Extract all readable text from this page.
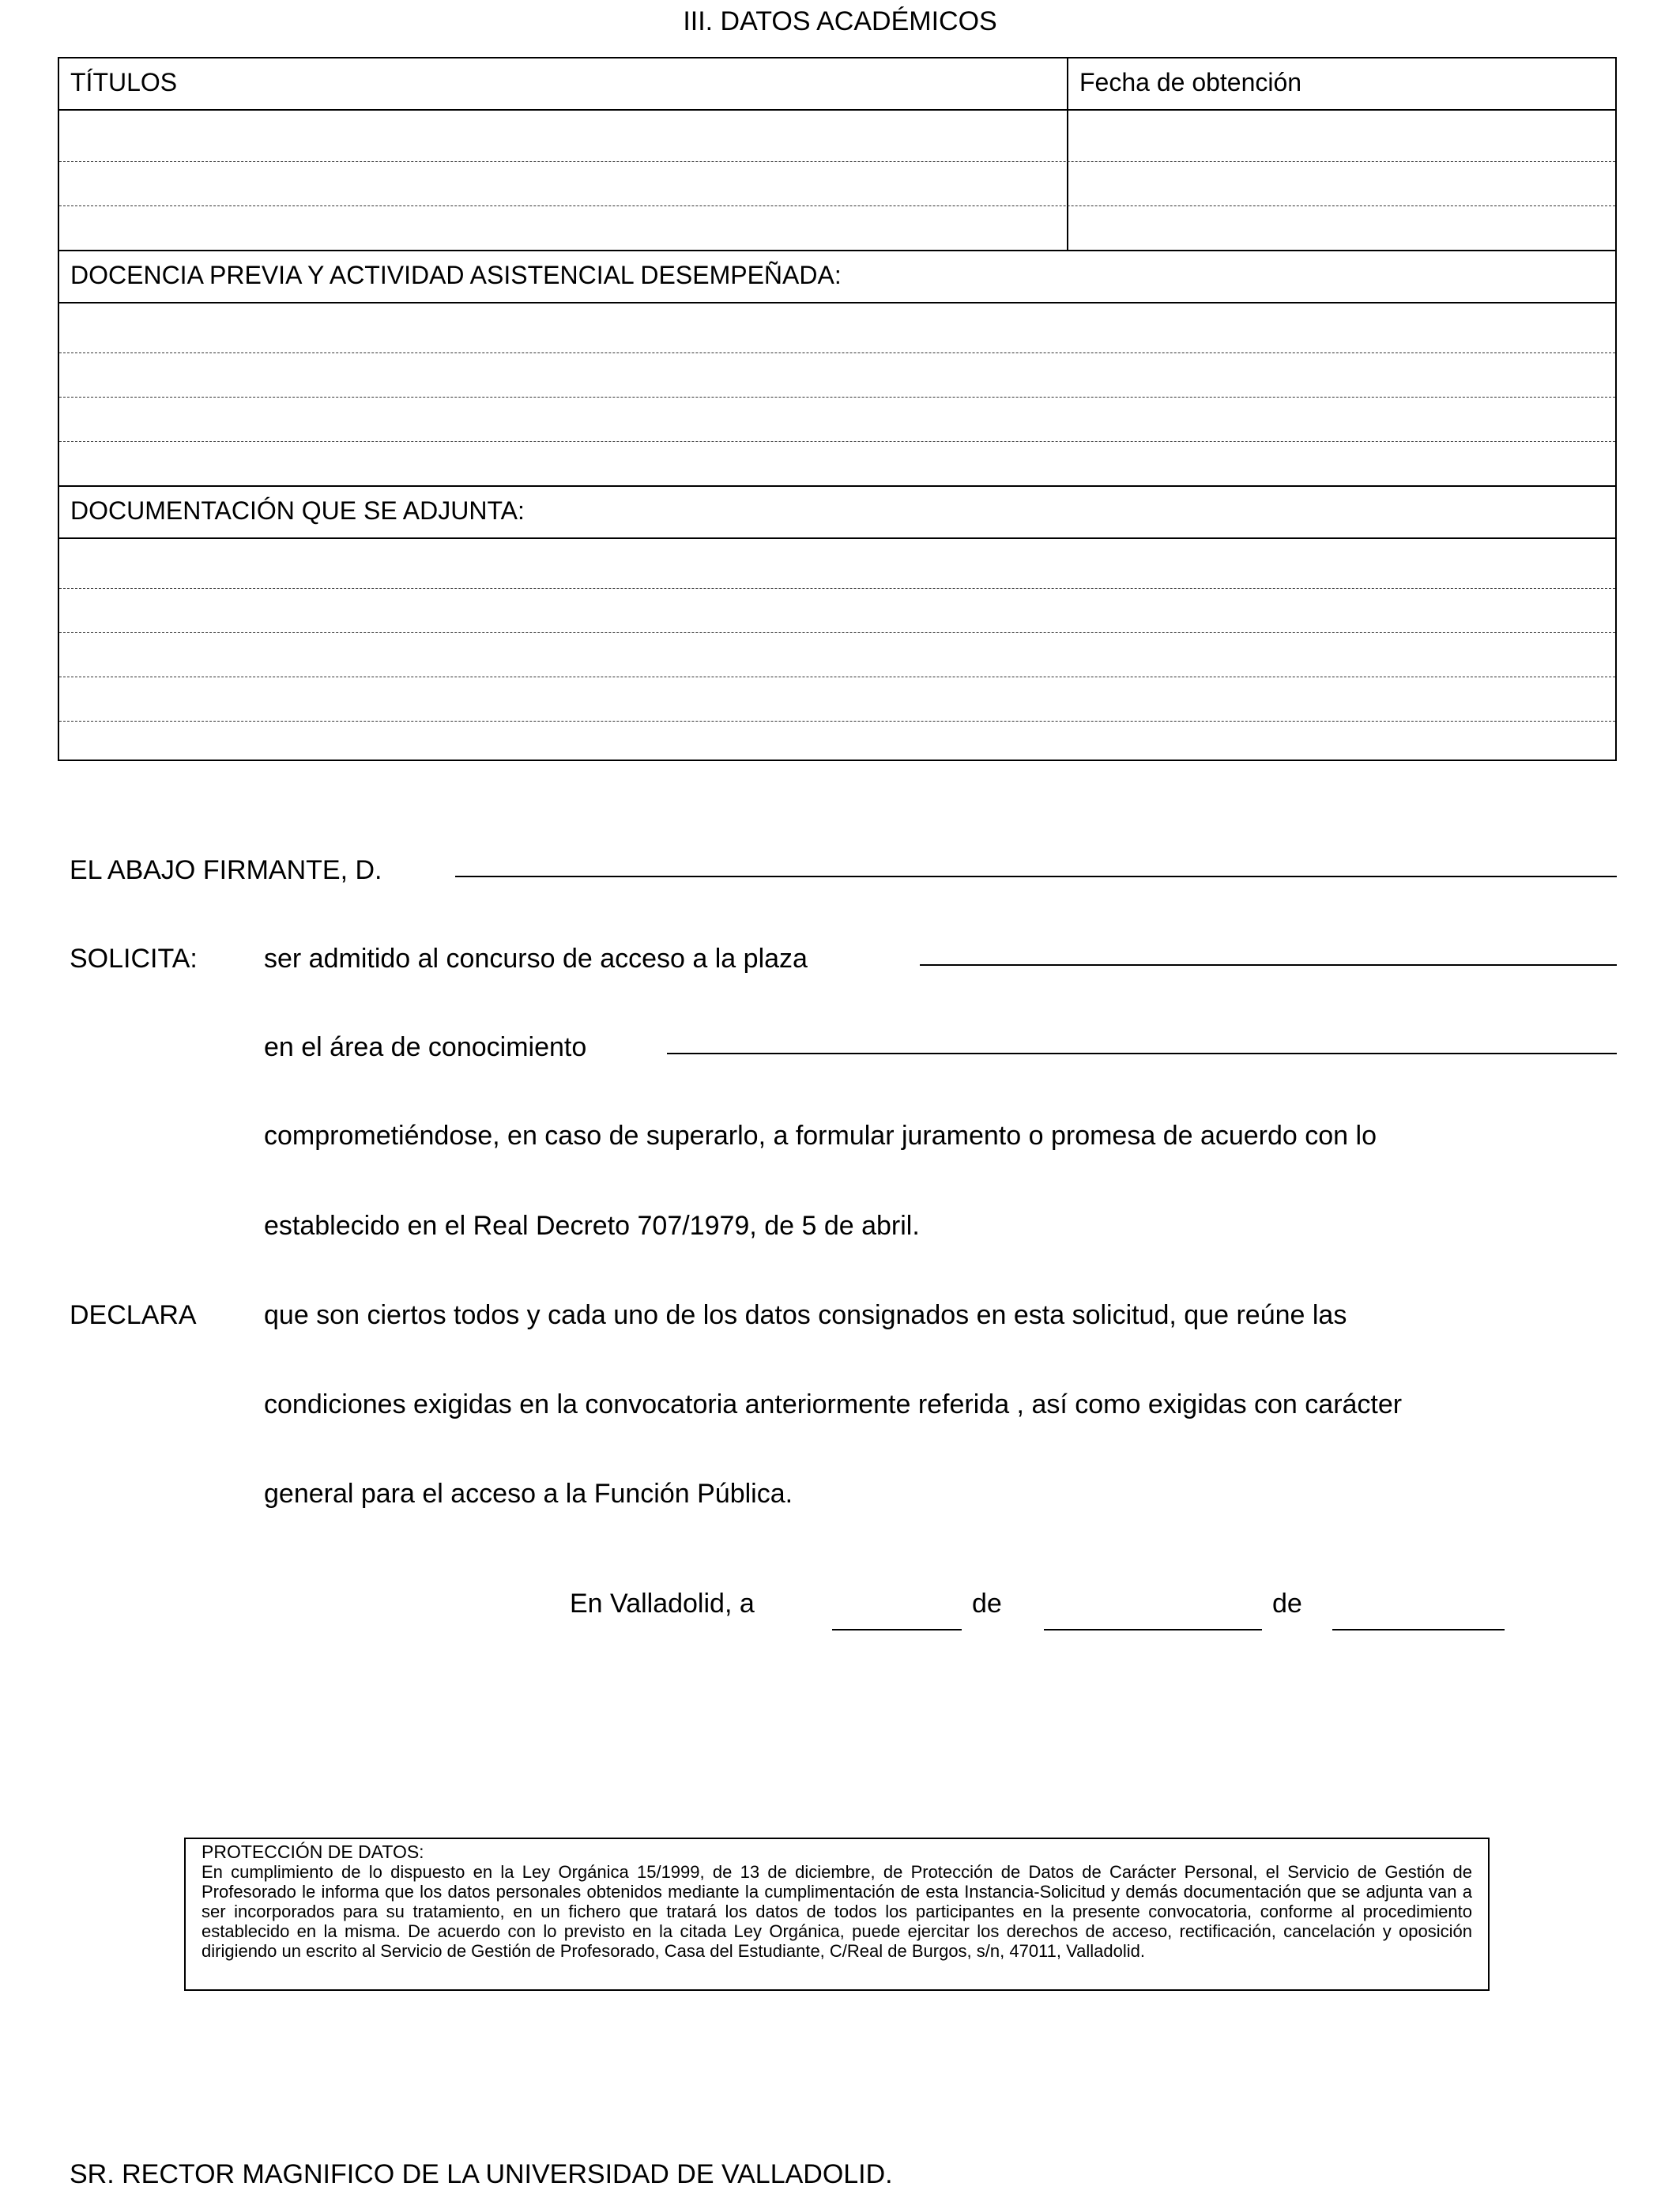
III. DATOS ACADÉMICOS
TÍTULOS	Fecha de obtención
DOCENCIA PREVIA Y ACTIVIDAD ASISTENCIAL DESEMPEÑADA:
DOCUMENTACIÓN QUE SE ADJUNTA:
EL ABAJO FIRMANTE, D.
SOLICITA: ser admitido al concurso de acceso a la plaza
en el área de conocimiento
comprometiéndose, en caso de superarlo, a formular juramento o promesa de acuerdo con lo
establecido en el Real Decreto 707/1979, de 5 de abril.
DECLARA	que son ciertos todos y cada uno de los datos consignados en esta solicitud, que reúne las
condiciones exigidas en la convocatoria anteriormente referida , así como exigidas con carácter
general para el acceso a la Función Pública.
En Valladolid, a	de	de
PROTECCIÓN DE DATOS:
En cumplimiento de lo dispuesto en la Ley Orgánica 15/1999, de 13 de diciembre, de Protección de Datos de Carácter Personal, el Servicio de Gestión de Profesorado le informa que los datos personales obtenidos mediante la cumplimentación de esta Instancia-Solicitud y demás documentación que se adjunta van a ser incorporados para su tratamiento, en un fichero que tratará los datos de todos los participantes en la presente convocatoria, conforme al procedimiento establecido en la misma. De acuerdo con lo previsto en la citada Ley Orgánica, puede ejercitar los derechos de acceso, rectificación, cancelación y oposición dirigiendo un escrito al Servicio de Gestión de Profesorado, Casa del Estudiante, C/Real de Burgos, s/n, 47011, Valladolid.
SR. RECTOR MAGNIFICO DE LA UNIVERSIDAD DE VALLADOLID.
